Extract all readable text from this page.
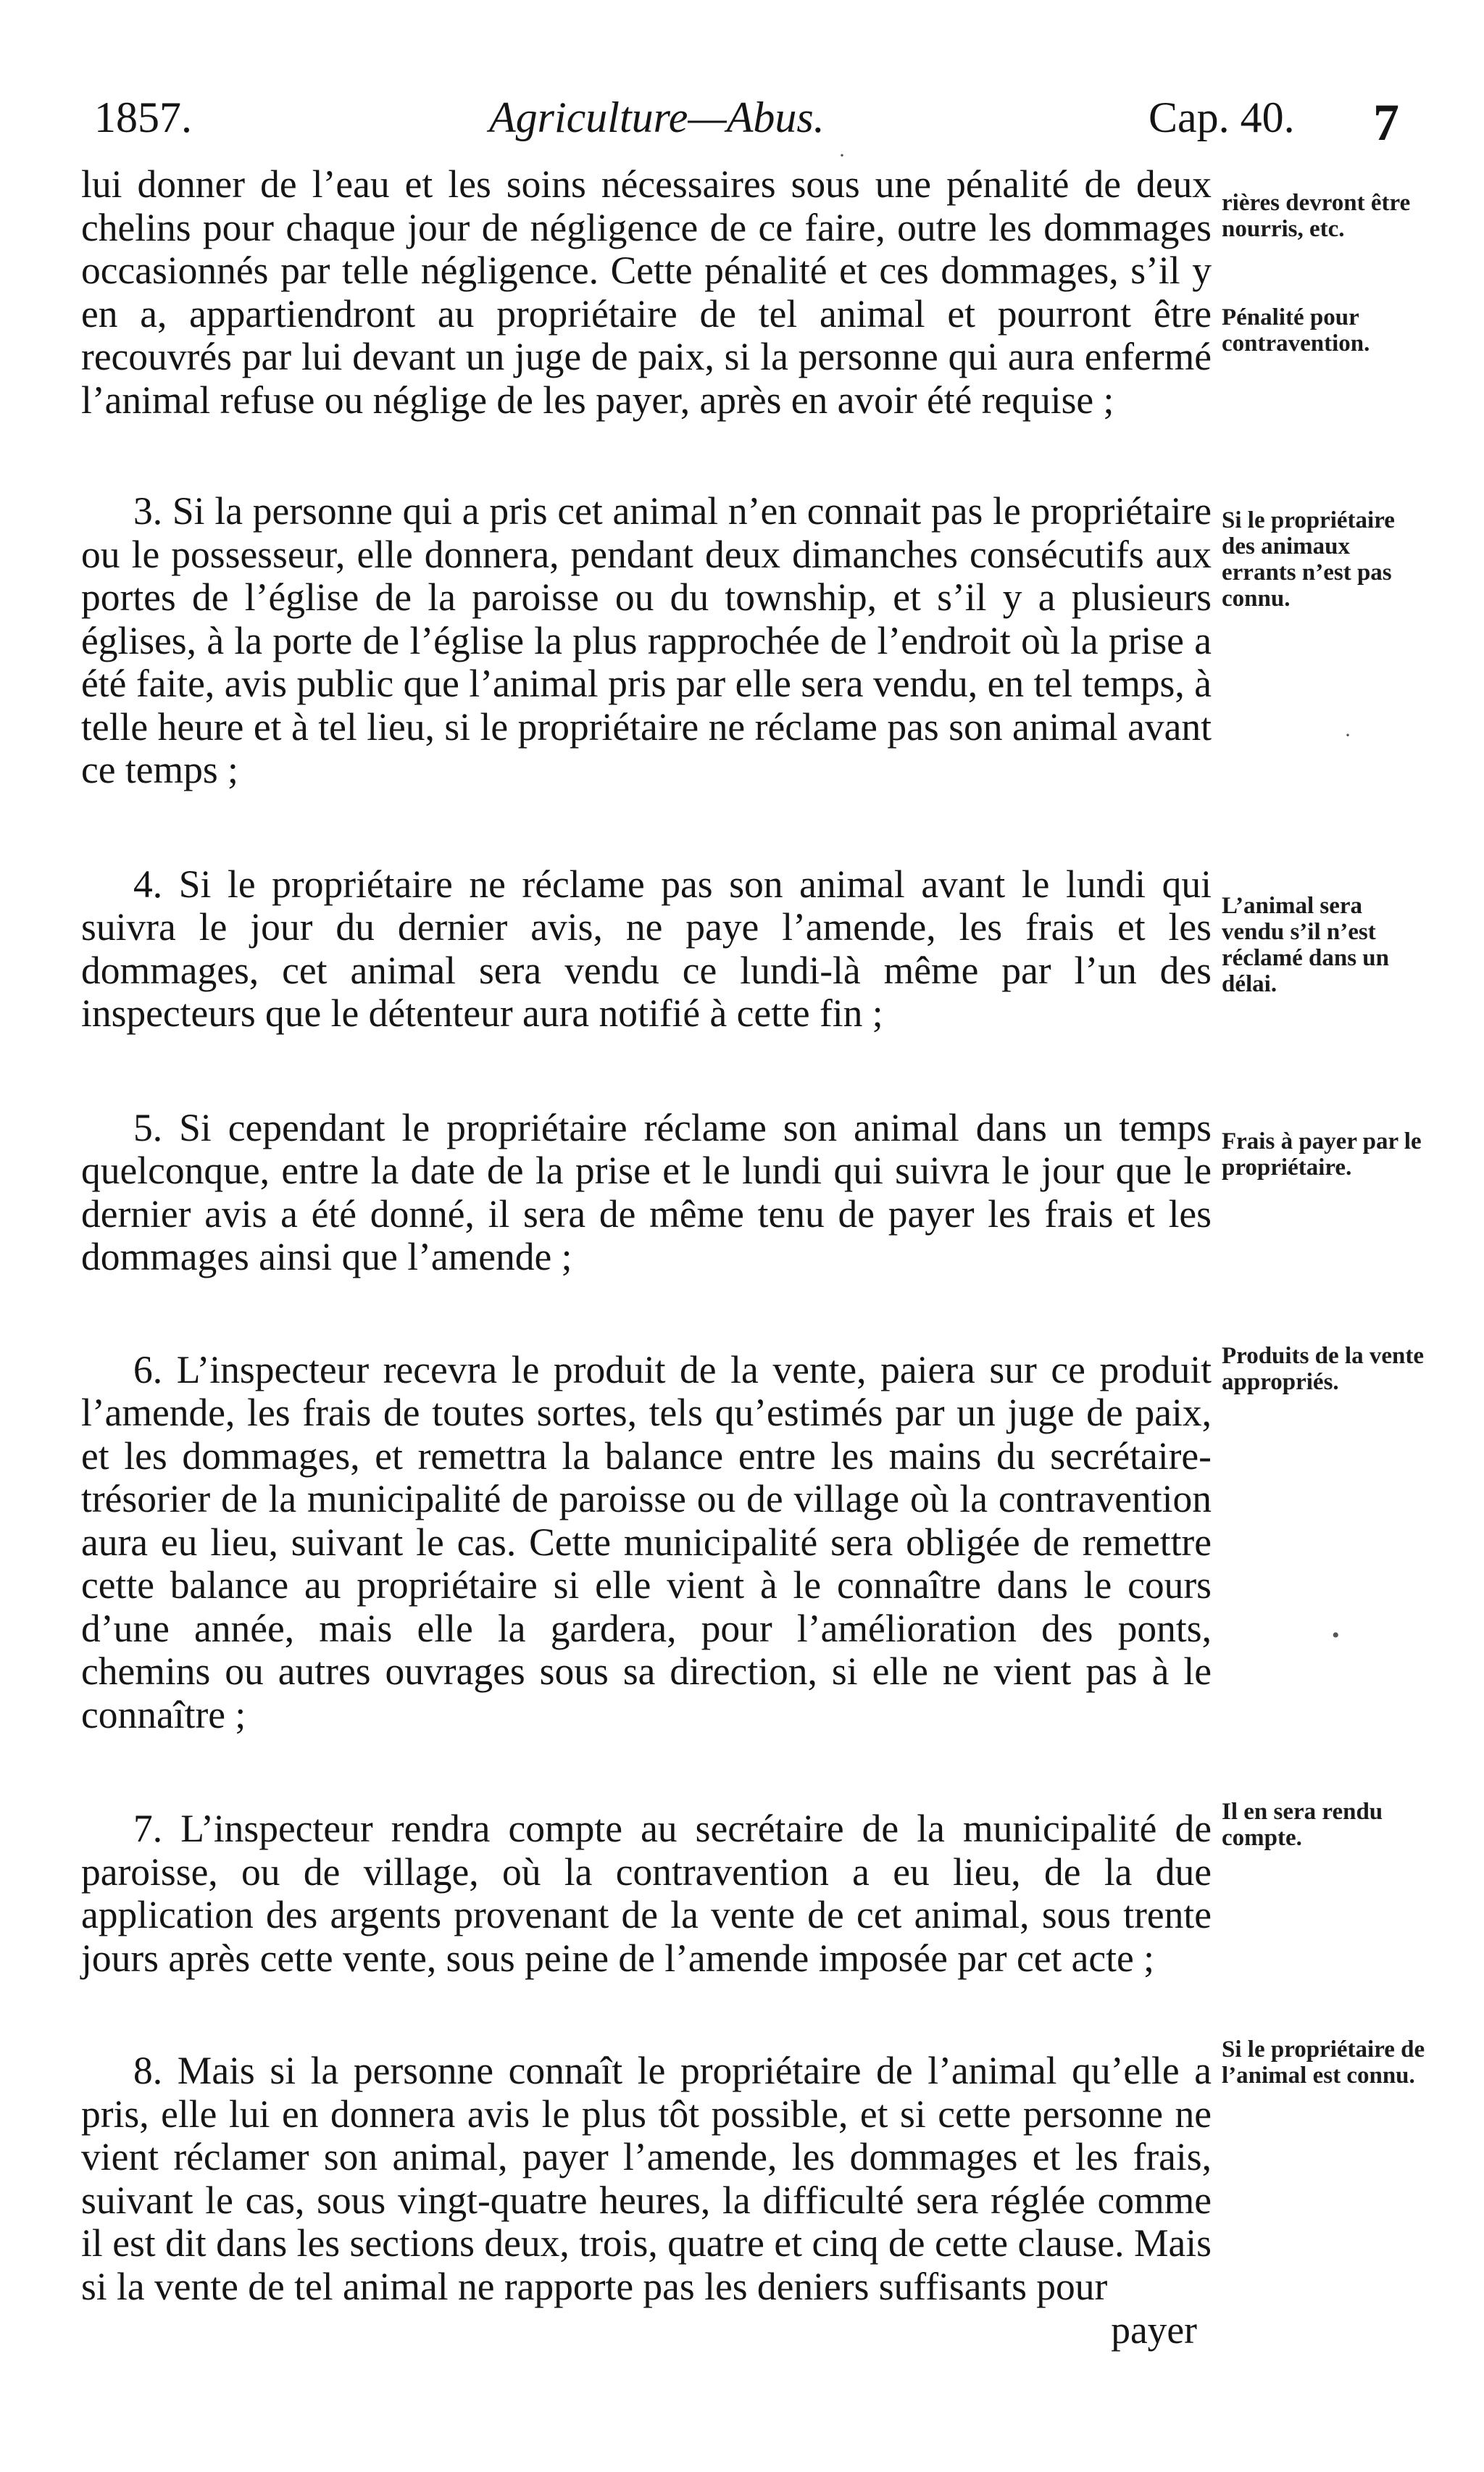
1857.	Agriculture—Abus.	Cap. 40. 7

lui donner de l’eau et les soins nécessaires sous une pénalité de deux chelins pour chaque jour de négligence de ce faire, outre les dommages occasionnés par telle négligence. Cette pénalité et ces dommages, s’il y en a, appartiendront au propriétaire de tel animal et pourront être recouvrés par lui devant un juge de paix, si la personne qui aura enfermé l’animal refuse ou néglige de les payer, après en avoir été requise ;

3. Si la personne qui a pris cet animal n’en connait pas le propriétaire ou le possesseur, elle donnera, pendant deux dimanches consécutifs aux portes de l’église de la paroisse ou du township, et s’il y a plusieurs églises, à la porte de l’église la plus rapprochée de l’endroit où la prise a été faite, avis public que l’animal pris par elle sera vendu, en tel temps, à telle heure et à tel lieu, si le propriétaire ne réclame pas son animal avant ce temps ;

4. Si le propriétaire ne réclame pas son animal avant le lundi qui suivra le jour du dernier avis, ne paye l’amende, les frais et les dommages, cet animal sera vendu ce lundi-là même par l’un des inspecteurs que le détenteur aura notifié à cette fin ;

5. Si cependant le propriétaire réclame son animal dans un temps quelconque, entre la date de la prise et le lundi qui suivra le jour que le dernier avis a été donné, il sera de même tenu de payer les frais et les dommages ainsi que l’amende ;

6. L’inspecteur recevra le produit de la vente, paiera sur ce produit l’amende, les frais de toutes sortes, tels qu’estimés par un juge de paix, et les dommages, et remettra la balance entre les mains du secrétaire-trésorier de la municipalité de paroisse ou de village où la contravention aura eu lieu, suivant le cas. Cette municipalité sera obligée de remettre cette balance au propriétaire si elle vient à le connaître dans le cours d’une année, mais elle la gardera, pour l’amélioration des ponts, chemins ou autres ouvrages sous sa direction, si elle ne vient pas à le connaître ;

7. L’inspecteur rendra compte au secrétaire de la municipalité de paroisse, ou de village, où la contravention a eu lieu, de la due application des argents provenant de la vente de cet animal, sous trente jours après cette vente, sous peine de l’amende imposée par cet acte ;

8. Mais si la personne connaît le propriétaire de l’animal qu’elle a pris, elle lui en donnera avis le plus tôt possible, et si cette personne ne vient réclamer son animal, payer l’amende, les dommages et les frais, suivant le cas, sous vingt-quatre heures, la difficulté sera réglée comme il est dit dans les sections deux, trois, quatre et cinq de cette clause. Mais si la vente de tel animal ne rapporte pas les deniers suffisants pour

payer
rières devront être nourris, etc.
Pénalité pour contravention.
Si le propriétaire des animaux errants n’est pas connu.
L’animal sera vendu s’il n’est réclamé dans un délai.
Frais à payer par le propriétaire.
Produits de la vente appropriés.
Il en sera rendu compte.
Si le propriétaire de l’animal est connu.
·
·
•
